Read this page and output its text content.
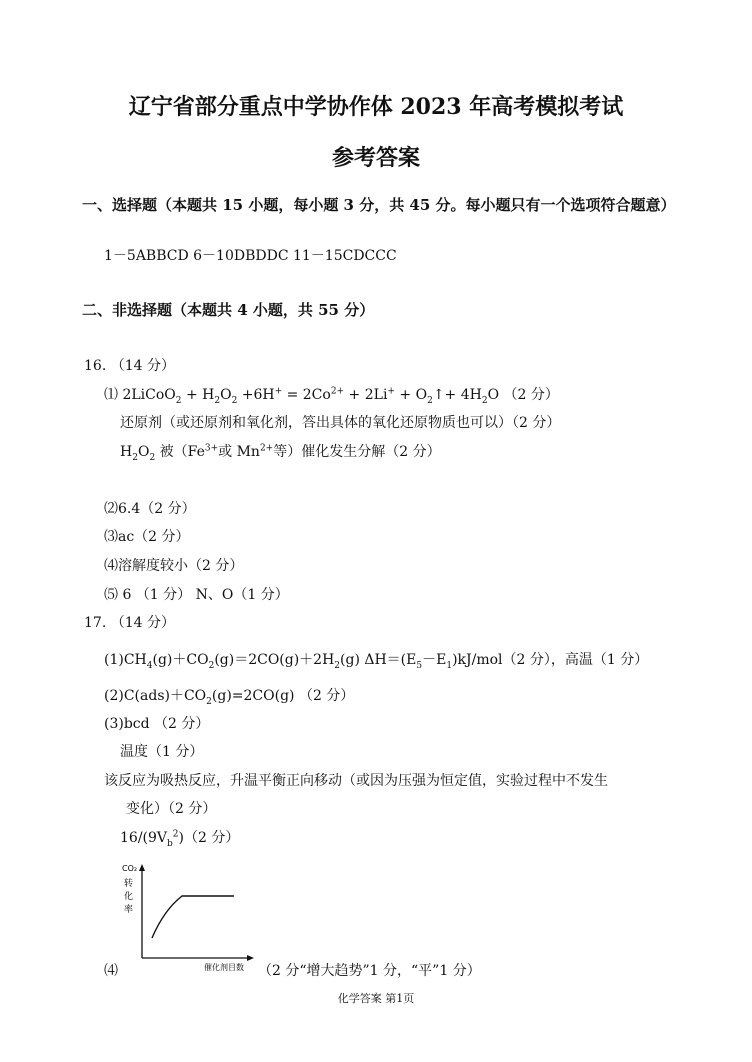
辽宁省部分重点中学协作体 2023 年高考模拟考试
参考答案
一、选择题（本题共 15 小题，每小题 3 分，共 45 分。每小题只有一个选项符合题意）
1－5ABBCD 6－10DBDDC 11－15CDCCC
二、非选择题（本题共 4 小题，共 55 分）
16. （14 分）
⑴ 2LiCoO$_2$ + $H_2O_2 +6H^+ = 2Co^{2+} + 2Li^+$ + $O_2↑+ 4H_2O$ （2 分）
还原剂（或还原剂和氧化剂，答出具体的氧化还原物质也可以）（2 分）
$H_2O_2$ 被（$Fe^{3+}$或 $Mn^{2+}$等）催化发生分解（2 分）
⑵6.4（2 分）
⑶ac（2 分）
⑷溶解度较小（2 分）
⑸ 6 （1 分） N、O（1 分）
17. （14 分）
$(1)CH_4(g)+CO_2(g)=2CO(g)+2H_2(g)$ $\Delta H=(E_5-E_1)kJ/mol(2$ 分），高温（1 分）
$(2)C(ads)+CO_2(g)=2CO(g)$ （2 分）
(3)bcd （2 分）
温度（1 分）
该反应为吸热反应，升温平衡正向移动（或因为压强为恒定值，实验过程中不发生
变化）（2 分）
$16/(9V_b^2)(2$ 分）
CO₂
转
化
率
催化剂目数
⑷	（2 分“增大趋势”1 分，“平”1 分）
化学答案 第1页
